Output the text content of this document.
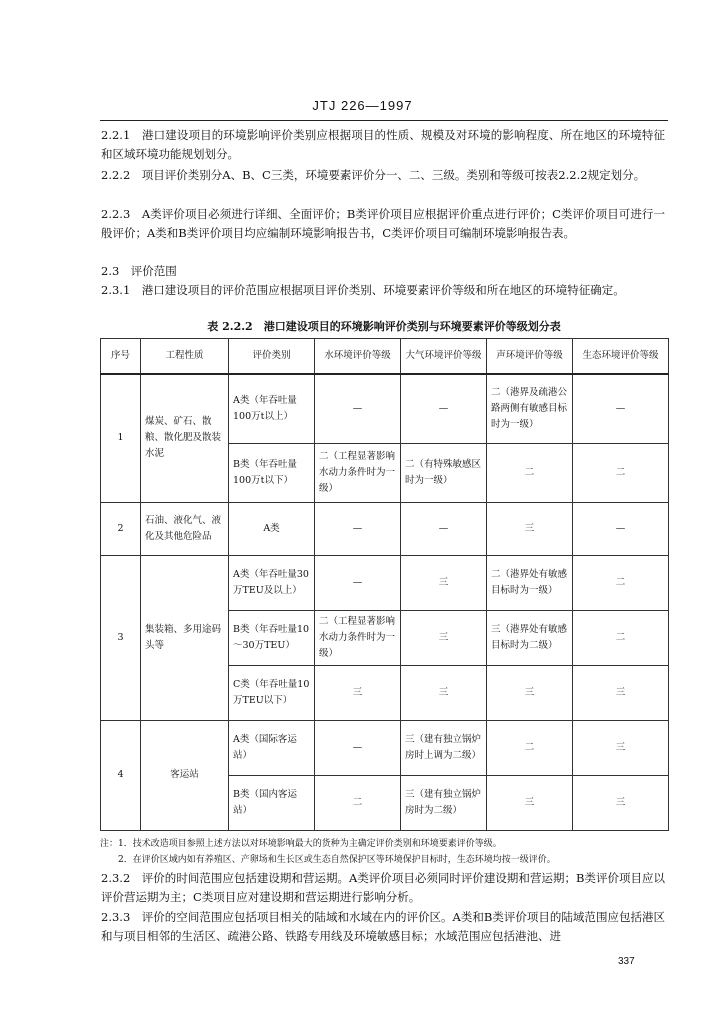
JTJ 226—1997
2.2.1　港口建设项目的环境影响评价类别应根据项目的性质、规模及对环境的影响程度、所在地区的环境特征和区域环境功能规划划分。
2.2.2　项目评价类别分A、B、C三类，环境要素评价分一、二、三级。类别和等级可按表2.2.2规定划分。
2.2.3　A类评价项目必须进行详细、全面评价；B类评价项目应根据评价重点进行评价；C类评价项目可进行一般评价；A类和B类评价项目均应编制环境影响报告书，C类评价项目可编制环境影响报告表。
2.3　评价范围
2.3.1　港口建设项目的评价范围应根据项目评价类别、环境要素评价等级和所在地区的环境特征确定。
表 2.2.2　港口建设项目的环境影响评价类别与环境要素评价等级划分表
序号	工程性质	评价类别	水环境评价等级	大气环境评价等级	声环境评价等级	生态环境评价等级
1	煤炭、矿石、散粮、散化肥及散装水泥	A类（年吞吐量100万t以上）	—	—	二（港界及疏港公路两侧有敏感目标时为一级）	—
		B类（年吞吐量100万t以下）	二（工程显著影响水动力条件时为一级）	二（有特殊敏感区时为一级）	二	二
2	石油、液化气、液化及其他危险品	A类	—	—	三	—
3	集装箱、多用途码头等	A类（年吞吐量30万TEU及以上）	—	三	二（港界处有敏感目标时为一级）	二
		B类（年吞吐量10～30万TEU）	二（工程显著影响水动力条件时为一级）	三	三（港界处有敏感目标时为二级）	二
		C类（年吞吐量10万TEU以下）	三	三	三	三
4	客运站	A类（国际客运站）	—	三（建有独立锅炉房时上调为二级）	二	三
		B类（国内客运站）	二	三（建有独立锅炉房时为二级）	三	三
注：1．技术改造项目参照上述方法以对环境影响最大的货种为主确定评价类别和环境要素评价等级。
　　2．在评价区域内如有养殖区、产卵场和生长区或生态自然保护区等环境保护目标时，生态环境均按一级评价。
2.3.2　评价的时间范围应包括建设期和营运期。A类评价项目必须同时评价建设期和营运期；B类评价项目应以评价营运期为主；C类项目应对建设期和营运期进行影响分析。
2.3.3　评价的空间范围应包括项目相关的陆域和水域在内的评价区。A类和B类评价项目的陆域范围应包括港区和与项目相邻的生活区、疏港公路、铁路专用线及环境敏感目标；水域范围应包括港池、进
337
